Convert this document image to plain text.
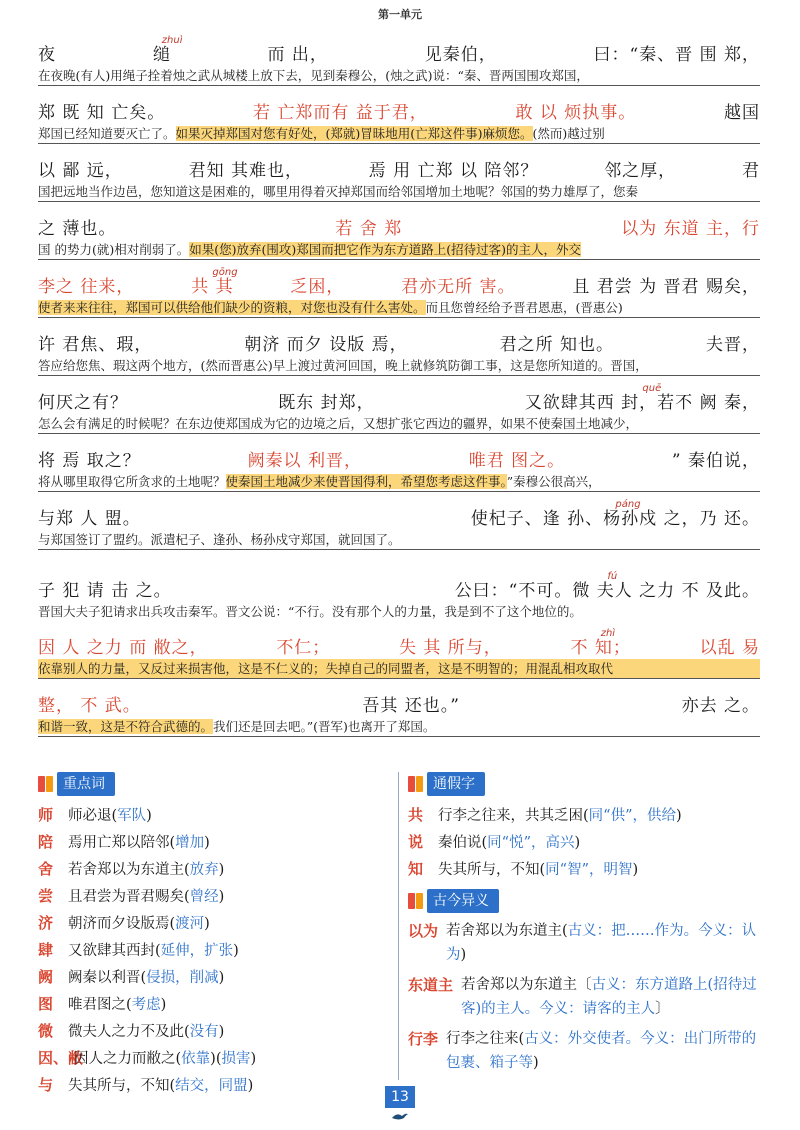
第一单元
夜	缒
zhuì
而 出，	见秦伯，	曰：“秦、晋 围 郑，
在夜晚(有人)用绳子拴着烛之武从城楼上放下去，见到秦穆公，(烛之武)说：“秦、晋两国围攻郑国，
郑 既 知 亡矣。	若 亡郑而有 益于君，	敢 以 烦执事。	越国
郑国已经知道要灭亡了。如果灭掉郑国对您有好处，(郑就)冒昧地用(亡郑这件事)麻烦您。(然而)越过别
以 鄙 远，	君知 其难也，	焉 用 亡郑 以 陪邻？	邻之厚，	君
国把远地当作边邑，您知道这是困难的，哪里用得着灭掉郑国而给邻国增加土地呢？邻国的势力雄厚了，您秦
之 薄也。	若 舍 郑	以为 东道 主，行
国 的势力(就)相对削弱了。如果(您)放弃(围攻)郑国而把它作为东方道路上(招待过客)的主人，外交
李之 往来，	共 其
gōng
乏困，	君亦无所 害。	且 君尝 为 晋君 赐矣，
使者来来往往，郑国可以供给他们缺少的资粮，对您也没有什么害处。而且您曾经给予晋君恩惠，(晋惠公)
许 君焦、瑕，	朝济 而夕 设版 焉，	君之所 知也。	夫晋，
答应给您焦、瑕这两个地方，(然而晋惠公)早上渡过黄河回国，晚上就修筑防御工事，这是您所知道的。晋国，
何厌之有？	既东 封郑，	又欲肆其西 封，若不 阙 秦，
quē
怎么会有满足的时候呢？在东边使郑国成为它的边境之后，又想扩张它西边的疆界，如果不使秦国土地减少，
将 焉 取之？	阙秦以 利晋，	唯君 图之。	” 秦伯说，
将从哪里取得它所贪求的土地呢？使秦国土地减少来使晋国得利，希望您考虑这件事。”秦穆公很高兴，
与郑 人 盟。	使杞子、逢 孙、杨孙戍 之，乃 还。
páng
与郑国签订了盟约。派遣杞子、逢孙、杨孙戍守郑国，就回国了。
子 犯 请 击 之。	公曰：“不可。微 夫人 之力 不 及此。
fú
晋国大夫子犯请求出兵攻击秦军。晋文公说：“不行。没有那个人的力量，我是到不了这个地位的。
因 人 之力 而 敝之，	不仁；	失 其 所与，	不 知；
zhì
以乱 易
依靠别人的力量，又反过来损害他，这是不仁义的；失掉自己的同盟者，这是不明智的；用混乱相攻取代
整， 不 武。	吾其 还也。”	亦去 之。
和谐一致，这是不符合武德的。我们还是回去吧。”(晋军)也离开了郑国。
重点词
师	师必退(军队)
陪	焉用亡郑以陪邻(增加)
舍	若舍郑以为东道主(放弃)
尝	且君尝为晋君赐矣(曾经)
济	朝济而夕设版焉(渡河)
肆	又欲肆其西封(延伸，扩张)
阙	阙秦以利晋(侵损，削减)
图	唯君图之(考虑)
微	微夫人之力不及此(没有)
因、敝
因人之力而敝之(依靠)(损害)
与	失其所与，不知(结交，同盟)
通假字
共 行李之往来，共其乏困(同“供”，供给)
说 秦伯说(同“悦”，高兴)
知 失其所与，不知(同“智”，明智)
古今异义
以为 若舍郑以为东道主(古义：把……作为。今义：认为)
东道主 若舍郑以为东道主〔古义：东方道路上(招待过客)的主人。今义：请客的主人〕
行李 行李之往来(古义：外交使者。今义：出门所带的包裹、箱子等)
13
